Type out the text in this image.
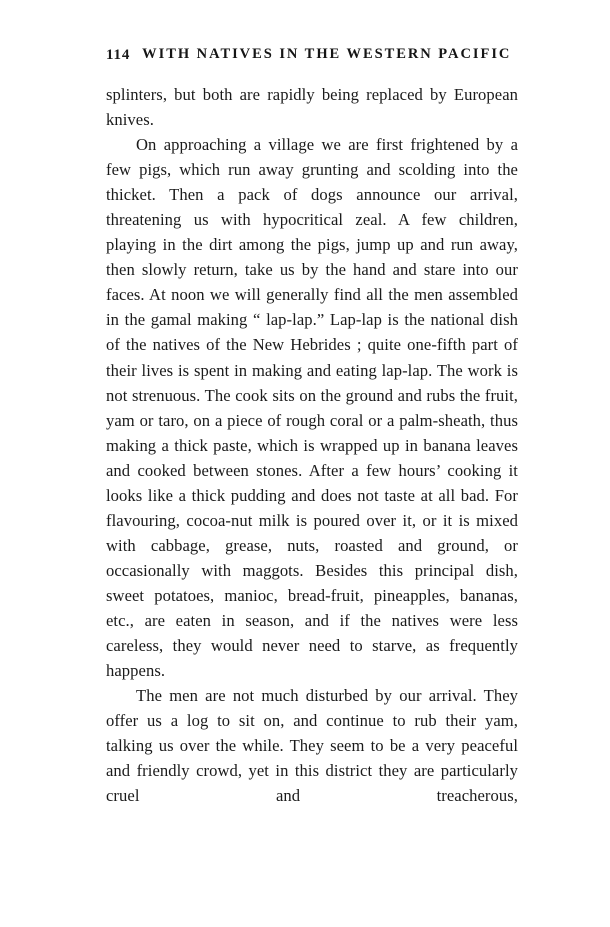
114 WITH NATIVES IN THE WESTERN PACIFIC

splinters, but both are rapidly being replaced by European knives.

On approaching a village we are first frightened by a few pigs, which run away grunting and scolding into the thicket. Then a pack of dogs announce our arrival, threatening us with hypocritical zeal. A few children, playing in the dirt among the pigs, jump up and run away, then slowly return, take us by the hand and stare into our faces. At noon we will generally find all the men assembled in the gamal making “ lap-lap.” Lap-lap is the national dish of the natives of the New Hebrides ; quite one-fifth part of their lives is spent in making and eating lap-lap. The work is not strenuous. The cook sits on the ground and rubs the fruit, yam or taro, on a piece of rough coral or a palm-sheath, thus making a thick paste, which is wrapped up in banana leaves and cooked between stones. After a few hours’ cooking it looks like a thick pudding and does not taste at all bad. For flavouring, cocoa-nut milk is poured over it, or it is mixed with cabbage, grease, nuts, roasted and ground, or occasionally with maggots. Besides this principal dish, sweet potatoes, manioc, bread-fruit, pineapples, bananas, etc., are eaten in season, and if the natives were less careless, they would never need to starve, as frequently happens.

The men are not much disturbed by our arrival. They offer us a log to sit on, and continue to rub their yam, talking us over the while. They seem to be a very peaceful and friendly crowd, yet in this district they are particularly cruel and treacherous,
